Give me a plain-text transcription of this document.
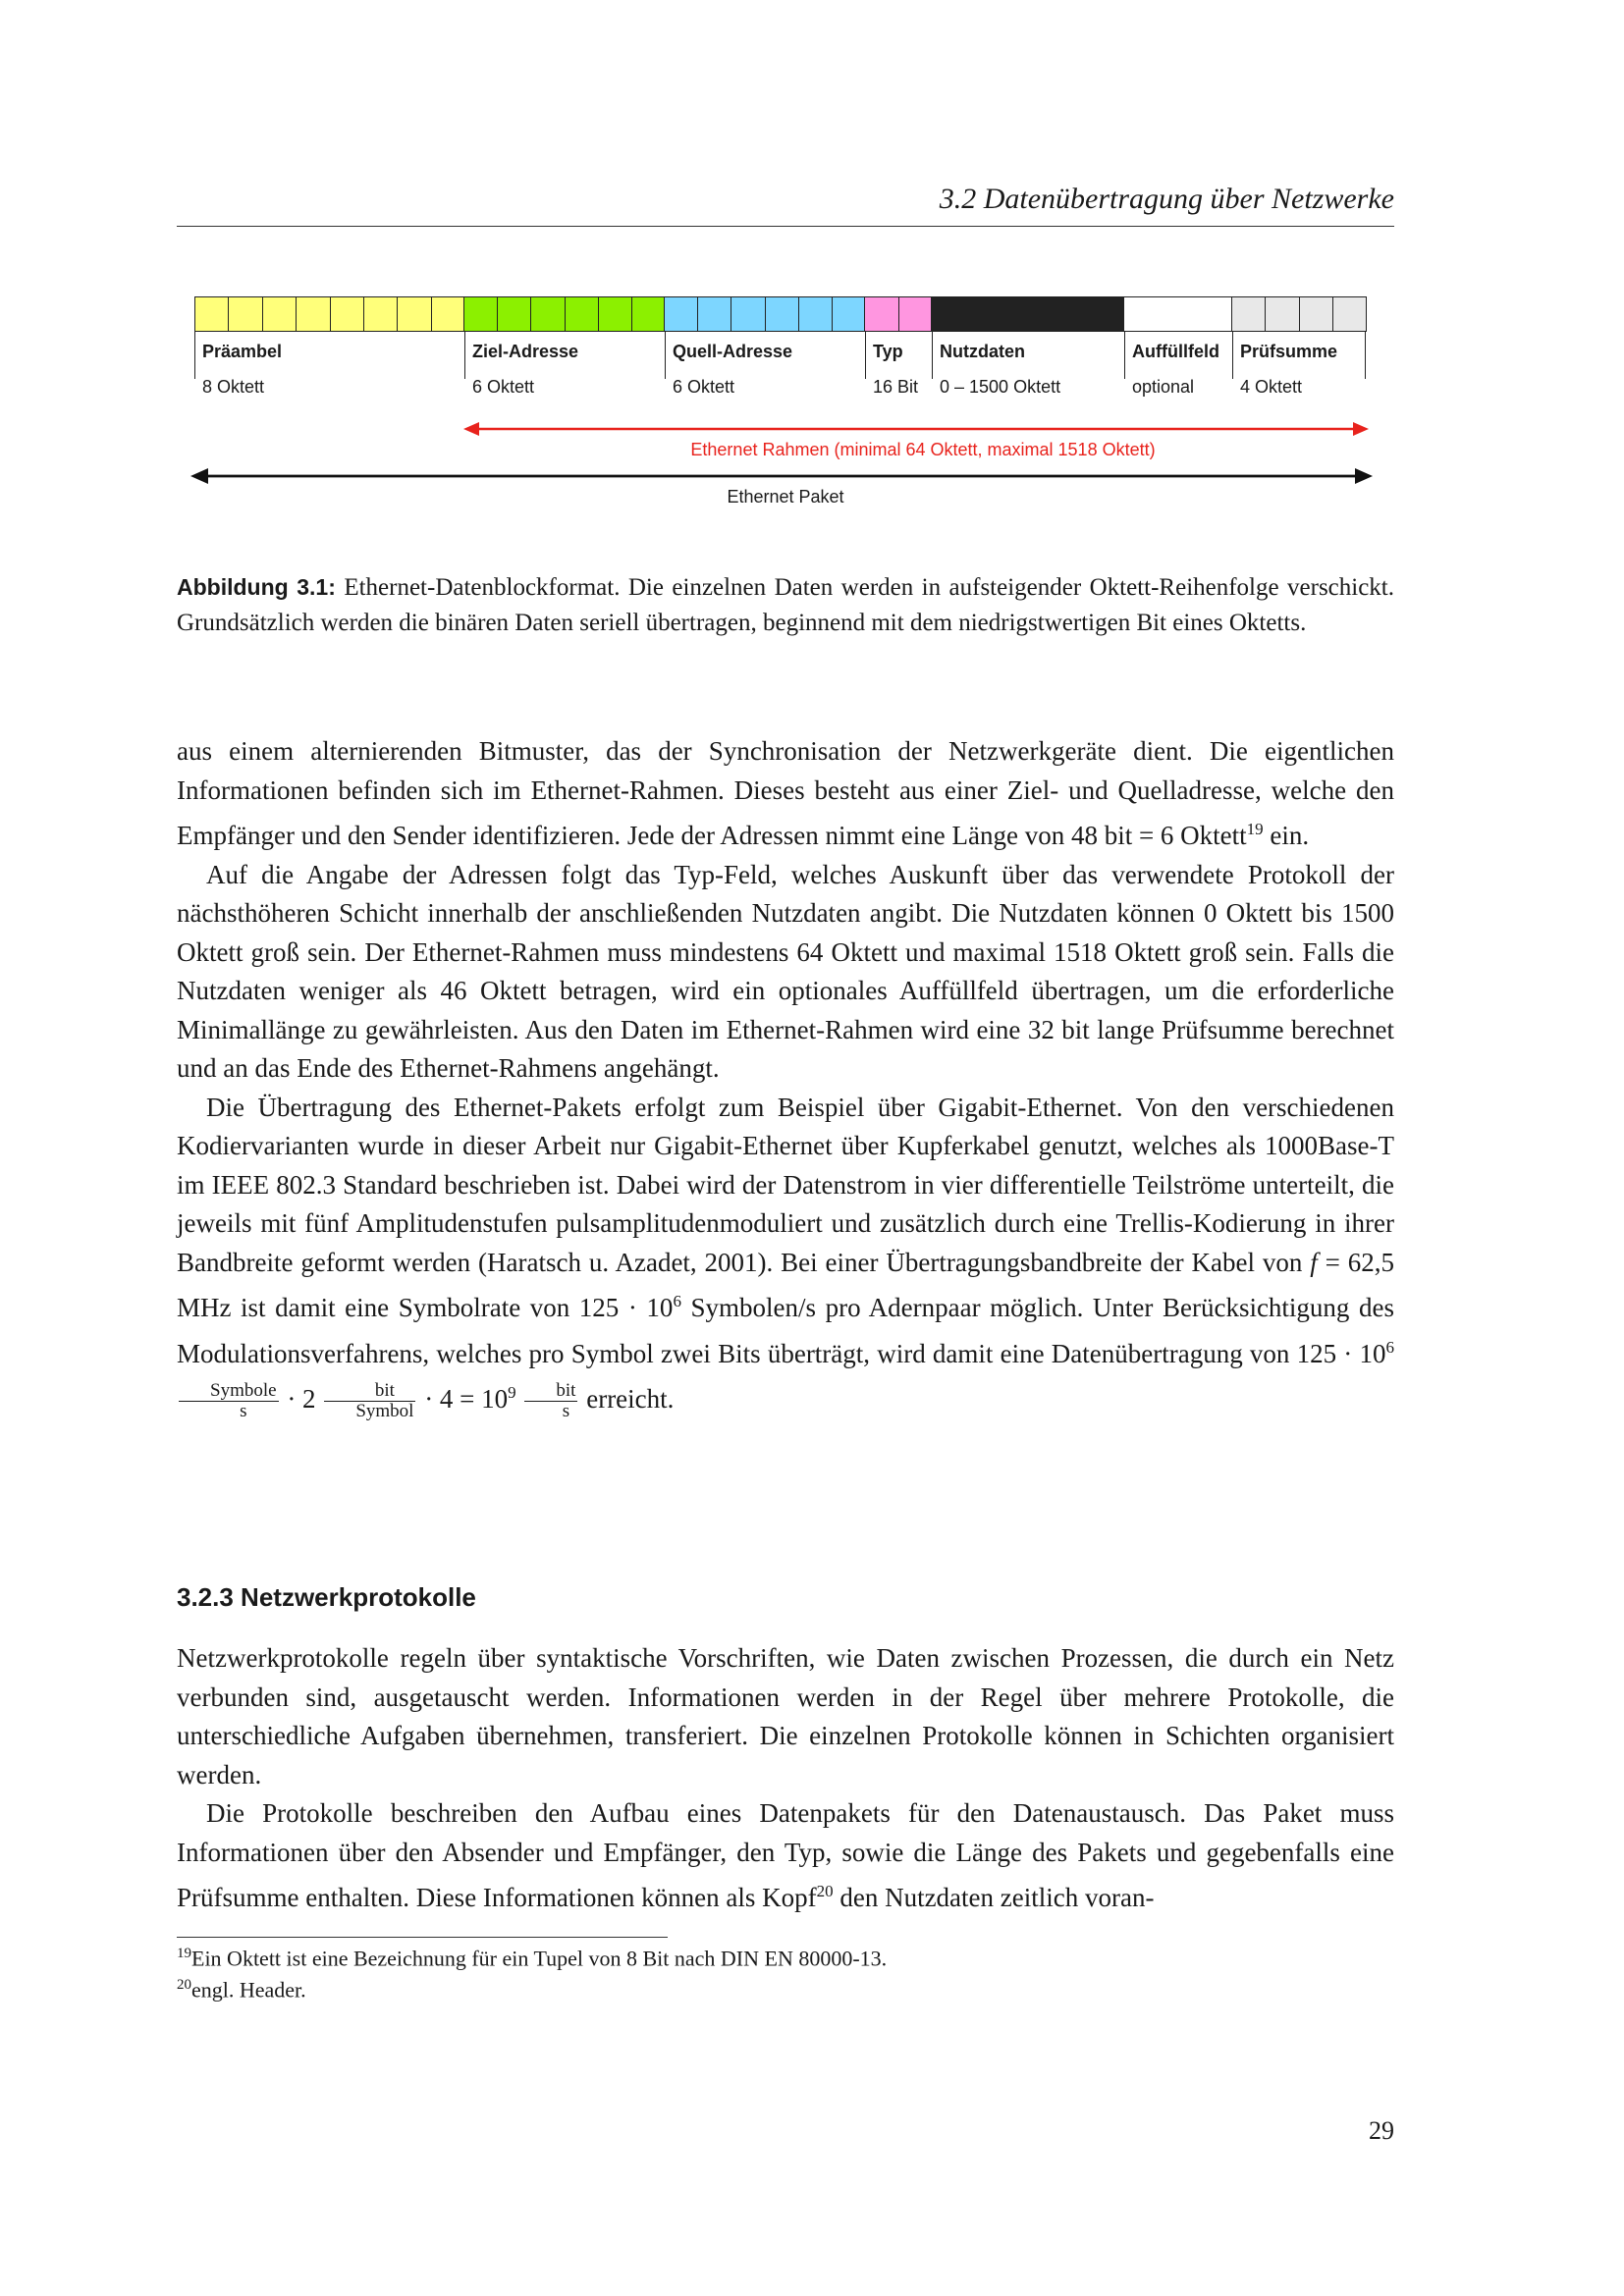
3.2 Datenübertragung über Netzwerke
Präambel
8 Oktett
Ziel-Adresse
6 Oktett
Quell-Adresse
6 Oktett
Typ
16 Bit
Nutzdaten
0 – 1500 Oktett
Auffüllfeld
optional
Prüfsumme
4 Oktett
Ethernet Rahmen (minimal 64 Oktett, maximal 1518 Oktett)
Ethernet Paket
Abbildung 3.1: Ethernet-Datenblockformat. Die einzelnen Daten werden in aufsteigender Oktett-Reihenfolge verschickt. Grundsätzlich werden die binären Daten seriell übertragen, beginnend mit dem niedrigstwertigen Bit eines Oktetts.

aus einem alternierenden Bitmuster, das der Synchronisation der Netzwerkgeräte dient. Die eigentlichen Informationen befinden sich im Ethernet-Rahmen. Dieses besteht aus einer Ziel- und Quelladresse, welche den Empfänger und den Sender identifizieren. Jede der Adressen nimmt eine Länge von 48 bit = 6 Oktett$^{19}$ ein.

Auf die Angabe der Adressen folgt das Typ-Feld, welches Auskunft über das verwendete Protokoll der nächsthöheren Schicht innerhalb der anschließenden Nutzdaten angibt. Die Nutzdaten können 0 Oktett bis 1500 Oktett groß sein. Der Ethernet-Rahmen muss mindestens 64 Oktett und maximal 1518 Oktett groß sein. Falls die Nutzdaten weniger als 46 Oktett betragen, wird ein optionales Auffüllfeld übertragen, um die erforderliche Minimallänge zu gewährleisten. Aus den Daten im Ethernet-Rahmen wird eine 32 bit lange Prüfsumme berechnet und an das Ende des Ethernet-Rahmens angehängt.

Die Übertragung des Ethernet-Pakets erfolgt zum Beispiel über Gigabit-Ethernet. Von den verschiedenen Kodiervarianten wurde in dieser Arbeit nur Gigabit-Ethernet über Kupferkabel genutzt, welches als 1000Base-T im IEEE 802.3 Standard beschrieben ist. Dabei wird der Datenstrom in vier differentielle Teilströme unterteilt, die jeweils mit fünf Amplitudenstufen pulsamplitudenmoduliert und zusätzlich durch eine Trellis-Kodierung in ihrer Bandbreite geformt werden (Haratsch u. Azadet, 2001). Bei einer Übertragungsbandbreite der Kabel von f = 62,5 MHz ist damit eine Symbolrate von $125 \cdot 10^6$ Symbolen/s pro Adernpaar möglich. Unter Berücksichtigung des Modulationsverfahrens, welches pro Symbol zwei Bits überträgt, wird damit eine Datenübertragung von $125 \cdot 10^6$
$\frac{\text{Symbole}}{s} \cdot 2 \frac{\text{bit}}{\text{Symbol}} \cdot 4 = 10^9 \frac{\text{bit}}{s}$ erreicht.

3.2.3 Netzwerkprotokolle

Netzwerkprotokolle regeln über syntaktische Vorschriften, wie Daten zwischen Prozessen, die durch ein Netz verbunden sind, ausgetauscht werden. Informationen werden in der Regel über mehrere Protokolle, die unterschiedliche Aufgaben übernehmen, transferiert. Die einzelnen Protokolle können in Schichten organisiert werden.

Die Protokolle beschreiben den Aufbau eines Datenpakets für den Datenaustausch. Das Paket muss Informationen über den Absender und Empfänger, den Typ, sowie die Länge des Pakets und gegebenfalls eine Prüfsumme enthalten. Diese Informationen können als Kopf$^{20}$ den Nutzdaten zeitlich voran-

$^{19}$Ein Oktett ist eine Bezeichnung für ein Tupel von 8 Bit nach DIN EN 80000-13.
$^{20}$engl. Header.
29
